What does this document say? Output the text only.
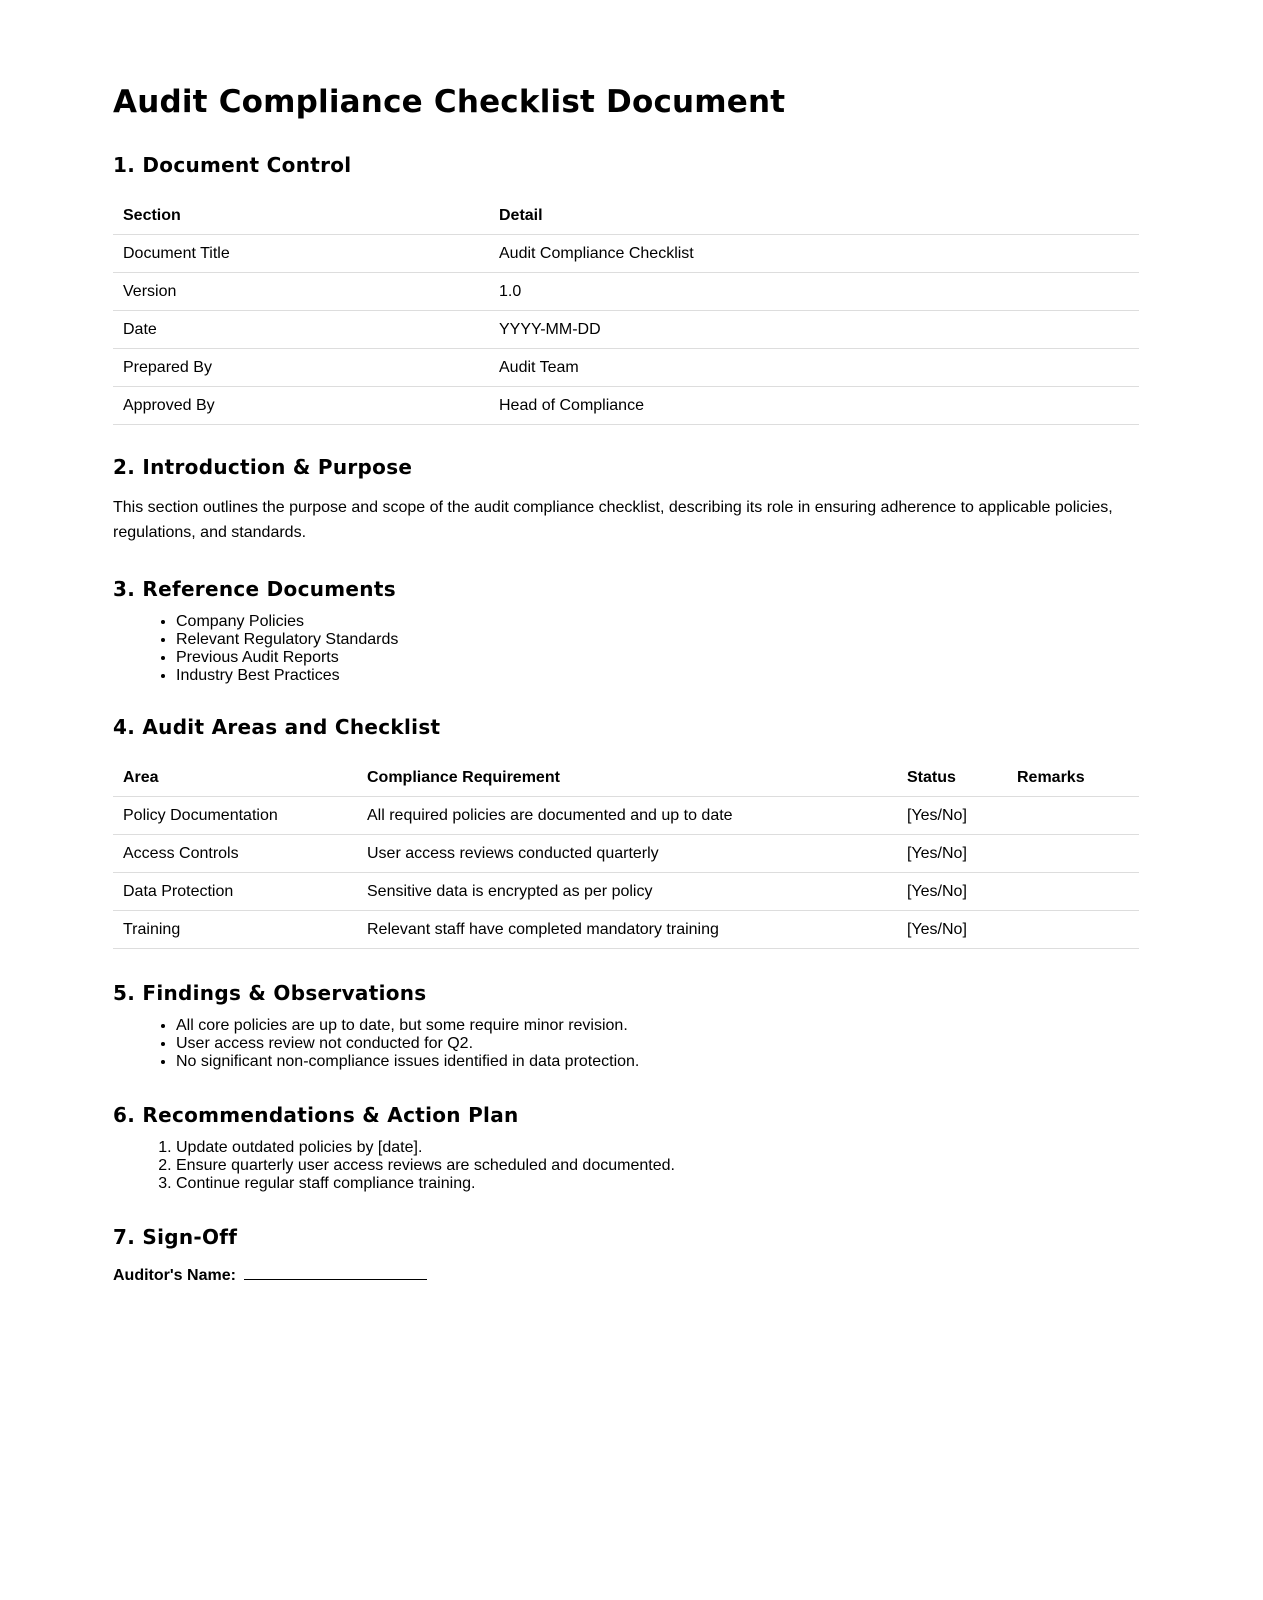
Audit Compliance Checklist Document
1. Document Control
Section	Detail
Document Title	Audit Compliance Checklist
Version	1.0
Date	YYYY-MM-DD
Prepared By	Audit Team
Approved By	Head of Compliance
2. Introduction & Purpose

This section outlines the purpose and scope of the audit compliance checklist, describing its role in ensuring adherence to applicable policies, regulations, and standards.

3. Reference Documents
• Company Policies
• Relevant Regulatory Standards
• Previous Audit Reports
• Industry Best Practices
4. Audit Areas and Checklist
Area	Compliance Requirement	Status	Remarks
Policy Documentation	All required policies are documented and up to date	[Yes/No]	
Access Controls	User access reviews conducted quarterly	[Yes/No]	
Data Protection	Sensitive data is encrypted as per policy	[Yes/No]	
Training	Relevant staff have completed mandatory training	[Yes/No]	
5. Findings & Observations
• All core policies are up to date, but some require minor revision.
• User access review not conducted for Q2.
• No significant non-compliance issues identified in data protection.
6. Recommendations & Action Plan
1. Update outdated policies by [date].
2. Ensure quarterly user access reviews are scheduled and documented.
3. Continue regular staff compliance training.
7. Sign-Off
Auditor's Name:
